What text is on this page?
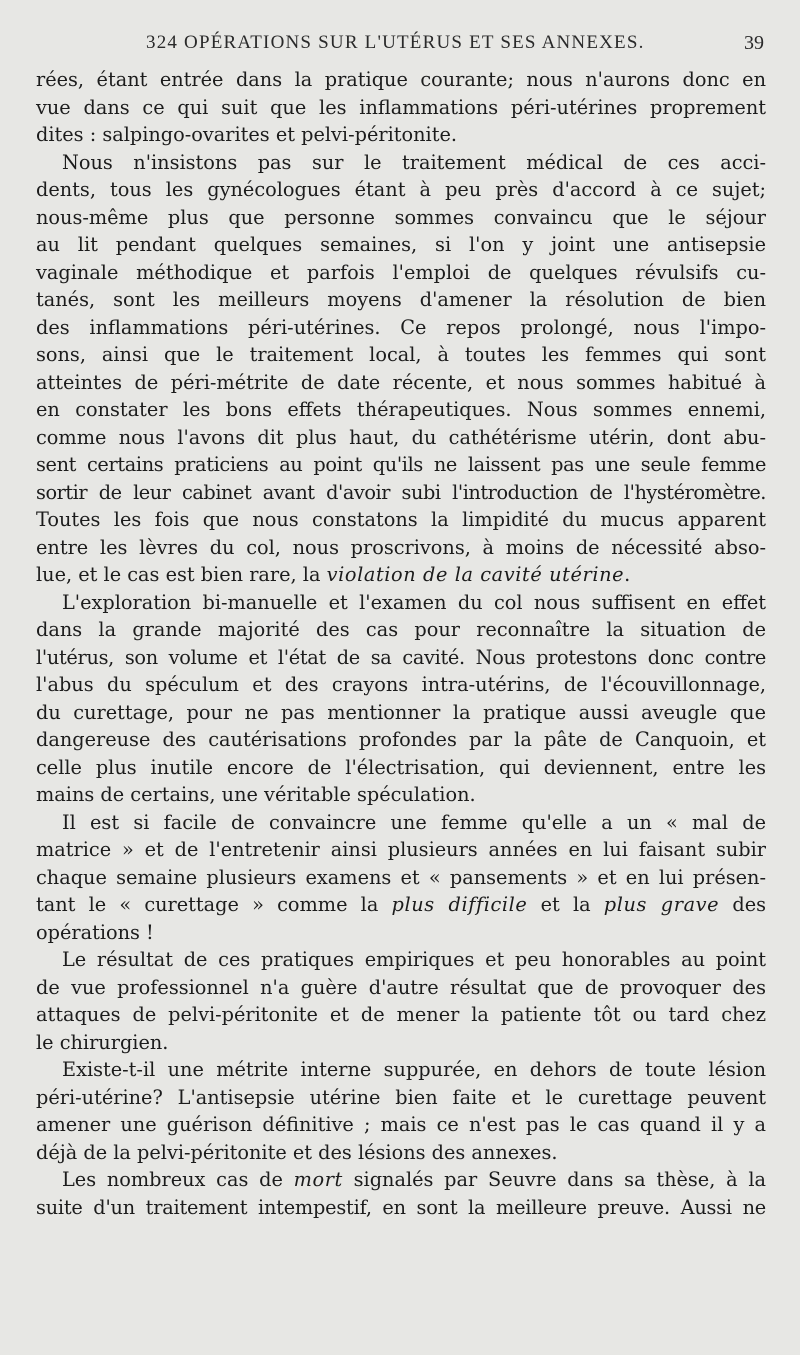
324 OPÉRATIONS SUR L'UTÉRUS ET SES ANNEXES.	39

rées, étant entrée dans la pratique courante; nous n'aurons donc en
vue dans ce qui suit que les inflammations péri-utérines proprement
dites : salpingo-ovarites et pelvi-péritonite.

Nous n'insistons pas sur le traitement médical de ces acci-
dents, tous les gynécologues étant à peu près d'accord à ce sujet;
nous-même plus que personne sommes convaincu que le séjour
au lit pendant quelques semaines, si l'on y joint une antisepsie
vaginale méthodique et parfois l'emploi de quelques révulsifs cu-
tanés, sont les meilleurs moyens d'amener la résolution de bien
des inflammations péri-utérines. Ce repos prolongé, nous l'impo-
sons, ainsi que le traitement local, à toutes les femmes qui sont
atteintes de péri-métrite de date récente, et nous sommes habitué à
en constater les bons effets thérapeutiques. Nous sommes ennemi,
comme nous l'avons dit plus haut, du cathétérisme utérin, dont abu-
sent certains praticiens au point qu'ils ne laissent pas une seule femme
sortir de leur cabinet avant d'avoir subi l'introduction de l'hystéromètre.
Toutes les fois que nous constatons la limpidité du mucus apparent
entre les lèvres du col, nous proscrivons, à moins de nécessité abso-
lue, et le cas est bien rare, la violation de la cavité utérine.

L'exploration bi-manuelle et l'examen du col nous suffisent en effet
dans la grande majorité des cas pour reconnaître la situation de
l'utérus, son volume et l'état de sa cavité. Nous protestons donc contre
l'abus du spéculum et des crayons intra-utérins, de l'écouvillonnage,
du curettage, pour ne pas mentionner la pratique aussi aveugle que
dangereuse des cautérisations profondes par la pâte de Canquoin, et
celle plus inutile encore de l'électrisation, qui deviennent, entre les
mains de certains, une véritable spéculation.

Il est si facile de convaincre une femme qu'elle a un « mal de
matrice » et de l'entretenir ainsi plusieurs années en lui faisant subir
chaque semaine plusieurs examens et « pansements » et en lui présen-
tant le « curettage » comme la plus difficile et la plus grave des
opérations !

Le résultat de ces pratiques empiriques et peu honorables au point
de vue professionnel n'a guère d'autre résultat que de provoquer des
attaques de pelvi-péritonite et de mener la patiente tôt ou tard chez
le chirurgien.

Existe-t-il une métrite interne suppurée, en dehors de toute lésion
péri-utérine? L'antisepsie utérine bien faite et le curettage peuvent
amener une guérison définitive ; mais ce n'est pas le cas quand il y a
déjà de la pelvi-péritonite et des lésions des annexes.

Les nombreux cas de mort signalés par Seuvre dans sa thèse, à la
suite d'un traitement intempestif, en sont la meilleure preuve. Aussi ne
